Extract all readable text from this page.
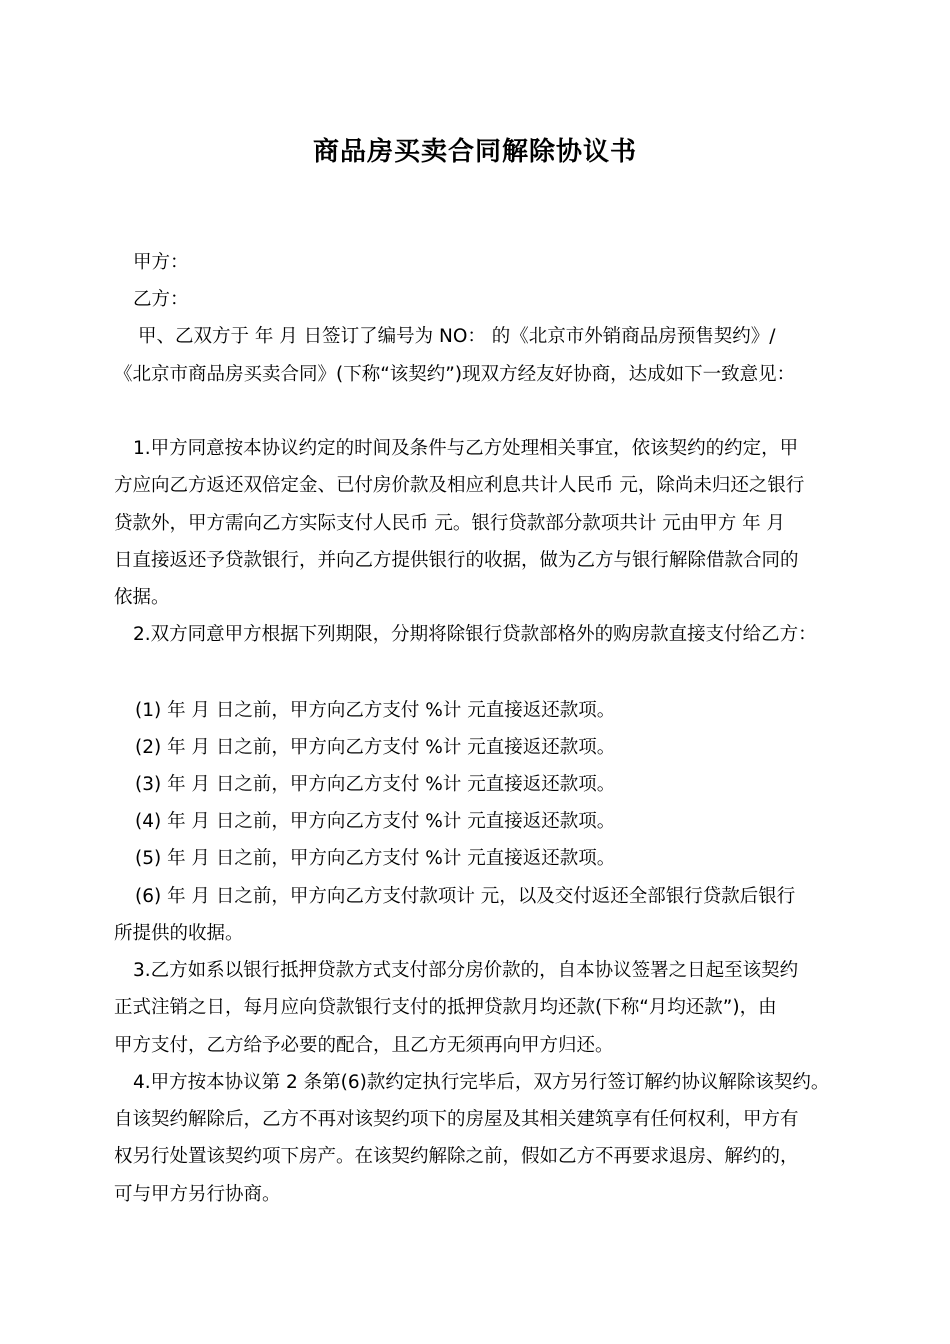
商品房买卖合同解除协议书
甲方：
乙方：
甲、乙双方于 年 月 日签订了编号为 NO： 的《北京市外销商品房预售契约》/
《北京市商品房买卖合同》(下称“该契约”)现双方经友好协商，达成如下一致意见：
1.甲方同意按本协议约定的时间及条件与乙方处理相关事宜，依该契约的约定，甲
方应向乙方返还双倍定金、已付房价款及相应利息共计人民币 元，除尚未归还之银行
贷款外，甲方需向乙方实际支付人民币 元。银行贷款部分款项共计 元由甲方 年 月
日直接返还予贷款银行，并向乙方提供银行的收据，做为乙方与银行解除借款合同的
依据。
2.双方同意甲方根据下列期限，分期将除银行贷款部格外的购房款直接支付给乙方：
(1) 年 月 日之前，甲方向乙方支付 %计 元直接返还款项。
(2) 年 月 日之前，甲方向乙方支付 %计 元直接返还款项。
(3) 年 月 日之前，甲方向乙方支付 %计 元直接返还款项。
(4) 年 月 日之前，甲方向乙方支付 %计 元直接返还款项。
(5) 年 月 日之前，甲方向乙方支付 %计 元直接返还款项。
(6) 年 月 日之前，甲方向乙方支付款项计 元，以及交付返还全部银行贷款后银行
所提供的收据。
3.乙方如系以银行抵押贷款方式支付部分房价款的，自本协议签署之日起至该契约
正式注销之日，每月应向贷款银行支付的抵押贷款月均还款(下称“月均还款”)，由
甲方支付，乙方给予必要的配合，且乙方无须再向甲方归还。
4.甲方按本协议第 2 条第(6)款约定执行完毕后，双方另行签订解约协议解除该契约。
自该契约解除后，乙方不再对该契约项下的房屋及其相关建筑享有任何权利，甲方有
权另行处置该契约项下房产。在该契约解除之前，假如乙方不再要求退房、解约的，
可与甲方另行协商。
